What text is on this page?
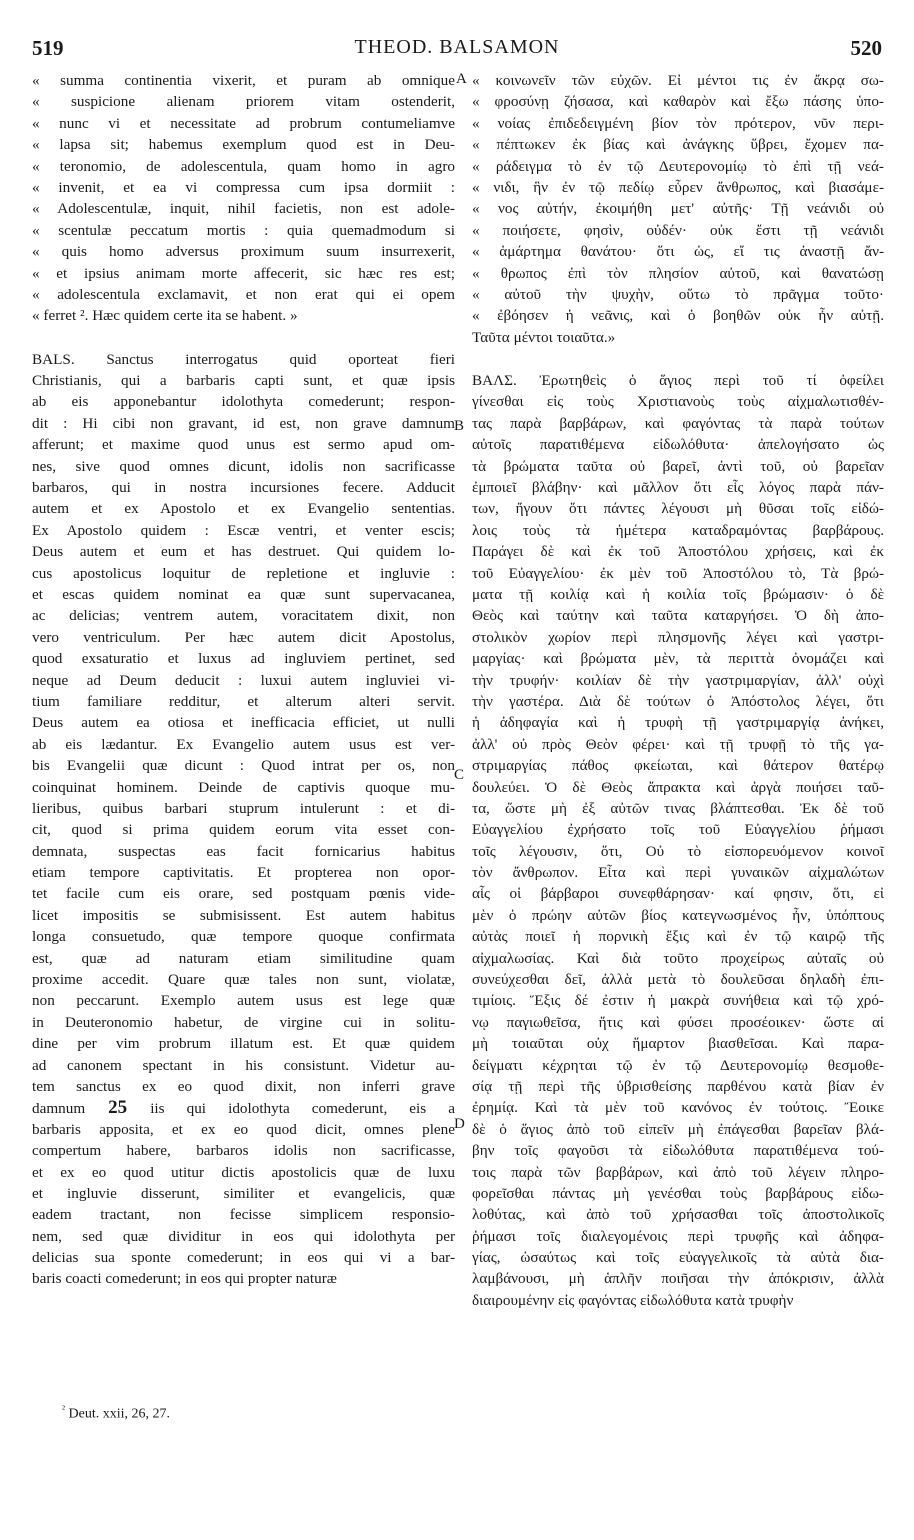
519	THEOD. BALSAMON	520

« summa continentia vixerit, et puram ab omnique
« suspicione alienam priorem vitam ostenderit,
« nunc vi et necessitate ad probrum contumeliamve
« lapsa sit; habemus exemplum quod est in Deu-
« teronomio, de adolescentula, quam homo in agro
« invenit, et ea vi compressa cum ipsa dormiit :
« Adolescentulæ, inquit, nihil facietis, non est adole-
« scentulæ peccatum mortis : quia quemadmodum si
« quis homo adversus proximum suum insurrexerit,
« et ipsius animam morte affecerit, sic hæc res est;
« adolescentula exclamavit, et non erat qui ei opem
« ferret ². Hæc quidem certe ita se habent. »

BALS. Sanctus interrogatus quid oporteat fieri
Christianis, qui a barbaris capti sunt, et quæ ipsis
ab eis apponebantur idolothyta comederunt; respon-
dit : Hi cibi non gravant, id est, non grave damnum
afferunt; et maxime quod unus est sermo apud om-
nes, sive quod omnes dicunt, idolis non sacrificasse
barbaros, qui in nostra incursiones fecere. Adducit
autem et ex Apostolo et ex Evangelio sententias.
Ex Apostolo quidem : Escæ ventri, et venter escis;
Deus autem et eum et has destruet. Qui quidem lo-
cus apostolicus loquitur de repletione et ingluvie :
et escas quidem nominat ea quæ sunt supervacanea,
ac delicias; ventrem autem, voracitatem dixit, non
vero ventriculum. Per hæc autem dicit Apostolus,
quod exsaturatio et luxus ad ingluviem pertinet, sed
neque ad Deum deducit : luxui autem ingluviei vi-
tium familiare redditur, et alterum alteri servit.
Deus autem ea otiosa et inefficacia efficiet, ut nulli
ab eis lædantur. Ex Evangelio autem usus est ver-
bis Evangelii quæ dicunt : Quod intrat per os, non
coinquinat hominem. Deinde de captivis quoque mu-
lieribus, quibus barbari stuprum intulerunt : et di-
cit, quod si prima quidem eorum vita esset con-
demnata, suspectas eas facit fornicarius habitus
etiam tempore captivitatis. Et propterea non opor-
tet facile cum eis orare, sed postquam pœnis vide-
licet impositis se submisissent. Est autem habitus
longa consuetudo, quæ tempore quoque confirmata
est, quæ ad naturam etiam similitudine quam
proxime accedit. Quare quæ tales non sunt, violatæ,
non peccarunt. Exemplo autem usus est lege quæ
in Deuteronomio habetur, de virgine cui in solitu-
dine per vim probrum illatum est. Et quæ quidem
ad canonem spectant in his consistunt. Videtur au-
tem sanctus ex eo quod dixit, non inferri grave
damnum 25 iis qui idolothyta comederunt, eis a
barbaris apposita, et ex eo quod dicit, omnes plene
compertum habere, barbaros idolis non sacrificasse,
et ex eo quod utitur dictis apostolicis quæ de luxu
et ingluvie disserunt, similiter et evangelicis, quæ
eadem tractant, non fecisse simplicem responsio-
nem, sed quæ dividitur in eos qui idolothyta per
delicias sua sponte comederunt; in eos qui vi a bar-
baris coacti comederunt; in eos qui propter naturæ

« κοινωνεῖν τῶν εὐχῶν. Εἰ μέντοι τις ἐν ἄκρᾳ σω-
« φροσύνῃ ζήσασα, καὶ καθαρὸν καὶ ἔξω πάσης ὑπο-
« νοίας ἐπιδεδειγμένη βίον τὸν πρότερον, νῦν περι-
« πέπτωκεν ἐκ βίας καὶ ἀνάγκης ὕβρει, ἔχομεν πα-
« ράδειγμα τὸ ἐν τῷ Δευτερονομίῳ τὸ ἐπὶ τῇ νεά-
« νιδι, ἣν ἐν τῷ πεδίῳ εὗρεν ἄνθρωπος, καὶ βιασάμε-
« νος αὐτήν, ἐκοιμήθη μετ' αὐτῆς· Τῇ νεάνιδι οὐ
« ποιήσετε, φησὶν, οὐδέν· οὐκ ἔστι τῇ νεάνιδι
« ἁμάρτημα θανάτου· ὅτι ὡς, εἴ τις ἀναστῇ ἄν-
« θρωπος ἐπὶ τὸν πλησίον αὐτοῦ, καὶ θανατώσῃ
« αὐτοῦ τὴν ψυχὴν, οὕτω τὸ πρᾶγμα τοῦτο·
« ἐβόησεν ἡ νεᾶνις, καὶ ὁ βοηθῶν οὐκ ἦν αὐτῇ.
Ταῦτα μέντοι τοιαῦτα.»

ΒΑΛΣ. Ἐρωτηθεὶς ὁ ἅγιος περὶ τοῦ τί ὀφείλει
γίνεσθαι εἰς τοὺς Χριστιανοὺς τοὺς αἰχμαλωτισθέν-
τας παρὰ βαρβάρων, καὶ φαγόντας τὰ παρὰ τούτων
αὐτοῖς παρατιθέμενα εἰδωλόθυτα· ἀπελογήσατο ὡς
τὰ βρώματα ταῦτα οὐ βαρεῖ, ἀντὶ τοῦ, οὐ βαρεῖαν
ἐμποιεῖ βλάβην· καὶ μᾶλλον ὅτι εἷς λόγος παρὰ πάν-
των, ἤγουν ὅτι πάντες λέγουσι μὴ θῦσαι τοῖς εἰδώ-
λοις τοὺς τὰ ἡμέτερα καταδραμόντας βαρβάρους.
Παράγει δὲ καὶ ἐκ τοῦ Ἀποστόλου χρήσεις, καὶ ἐκ
τοῦ Εὐαγγελίου· ἐκ μὲν τοῦ Ἀποστόλου τὸ, Τὰ βρώ-
ματα τῇ κοιλίᾳ καὶ ἡ κοιλία τοῖς βρώμασιν· ὁ δὲ
Θεὸς καὶ ταύτην καὶ ταῦτα καταργήσει. Ὁ δὴ ἀπο-
στολικὸν χωρίον περὶ πλησμονῆς λέγει καὶ γαστρι-
μαργίας· καὶ βρώματα μὲν, τὰ περιττὰ ὀνομάζει καὶ
τὴν τρυφήν· κοιλίαν δὲ τὴν γαστριμαργίαν, ἀλλ' οὐχὶ
τὴν γαστέρα. Διὰ δὲ τούτων ὁ Ἀπόστολος λέγει, ὅτι
ἡ ἀδηφαγία καὶ ἡ τρυφὴ τῇ γαστριμαργίᾳ ἀνήκει,
ἀλλ' οὐ πρὸς Θεὸν φέρει· καὶ τῇ τρυφῇ τὸ τῆς γα-
στριμαργίας πάθος φκείωται, καὶ θάτερον θατέρῳ
δουλεύει. Ὁ δὲ Θεὸς ἄπρακτα καὶ ἀργὰ ποιήσει ταῦ-
τα, ὥστε μὴ ἐξ αὐτῶν τινας βλάπτεσθαι. Ἐκ δὲ τοῦ
Εὐαγγελίου ἐχρήσατο τοῖς τοῦ Εὐαγγελίου ῥήμασι
τοῖς λέγουσιν, ὅτι, Οὐ τὸ εἰσπορευόμενον κοινοῖ
τὸν ἄνθρωπον. Εἶτα καὶ περὶ γυναικῶν αἰχμαλώτων
αἷς οἱ βάρβαροι συνεφθάρησαν· καί φησιν, ὅτι, εἰ
μὲν ὁ πρώην αὐτῶν βίος κατεγνωσμένος ἦν, ὑπόπτους
αὐτὰς ποιεῖ ἡ πορνικὴ ἕξις καὶ ἐν τῷ καιρῷ τῆς
αἰχμαλωσίας. Καὶ διὰ τοῦτο προχείρως αὐταῖς οὐ
συνεύχεσθαι δεῖ, ἀλλὰ μετὰ τὸ δουλεῦσαι δηλαδὴ ἐπι-
τιμίοις. Ἕξις δέ ἐστιν ἡ μακρὰ συνήθεια καὶ τῷ χρό-
νῳ παγιωθεῖσα, ἥτις καὶ φύσει προσέοικεν· ὥστε αἱ
μὴ τοιαῦται οὐχ ἥμαρτον βιασθεῖσαι. Καὶ παρα-
δείγματι κέχρηται τῷ ἐν τῷ Δευτερονομίῳ θεσμοθε-
σίᾳ τῇ περὶ τῆς ὑβρισθείσης παρθένου κατὰ βίαν ἐν
ἐρημίᾳ. Καὶ τὰ μὲν τοῦ κανόνος ἐν τούτοις. Ἔοικε
δὲ ὁ ἅγιος ἀπὸ τοῦ εἰπεῖν μὴ ἐπάγεσθαι βαρεῖαν βλά-
βην τοῖς φαγοῦσι τὰ εἰδωλόθυτα παρατιθέμενα τού-
τοις παρὰ τῶν βαρβάρων, καὶ ἀπὸ τοῦ λέγειν πληρο-
φορεῖσθαι πάντας μὴ γενέσθαι τοὺς βαρβάρους εἰδω-
λοθύτας, καὶ ἀπὸ τοῦ χρήσασθαι τοῖς ἀποστολικοῖς
ῥήμασι τοῖς διαλεγομένοις περὶ τρυφῆς καὶ ἀδηφα-
γίας, ὡσαύτως καὶ τοῖς εὐαγγελικοῖς τὰ αὐτὰ δια-
λαμβάνουσι, μὴ ἁπλῆν ποιῆσαι τὴν ἀπόκρισιν, ἀλλὰ
διαιρουμένην εἰς φαγόντας εἰδωλόθυτα κατὰ τρυφὴν

A
B
C
D
$^{^2}$ Deut. xxii, 26, 27.
